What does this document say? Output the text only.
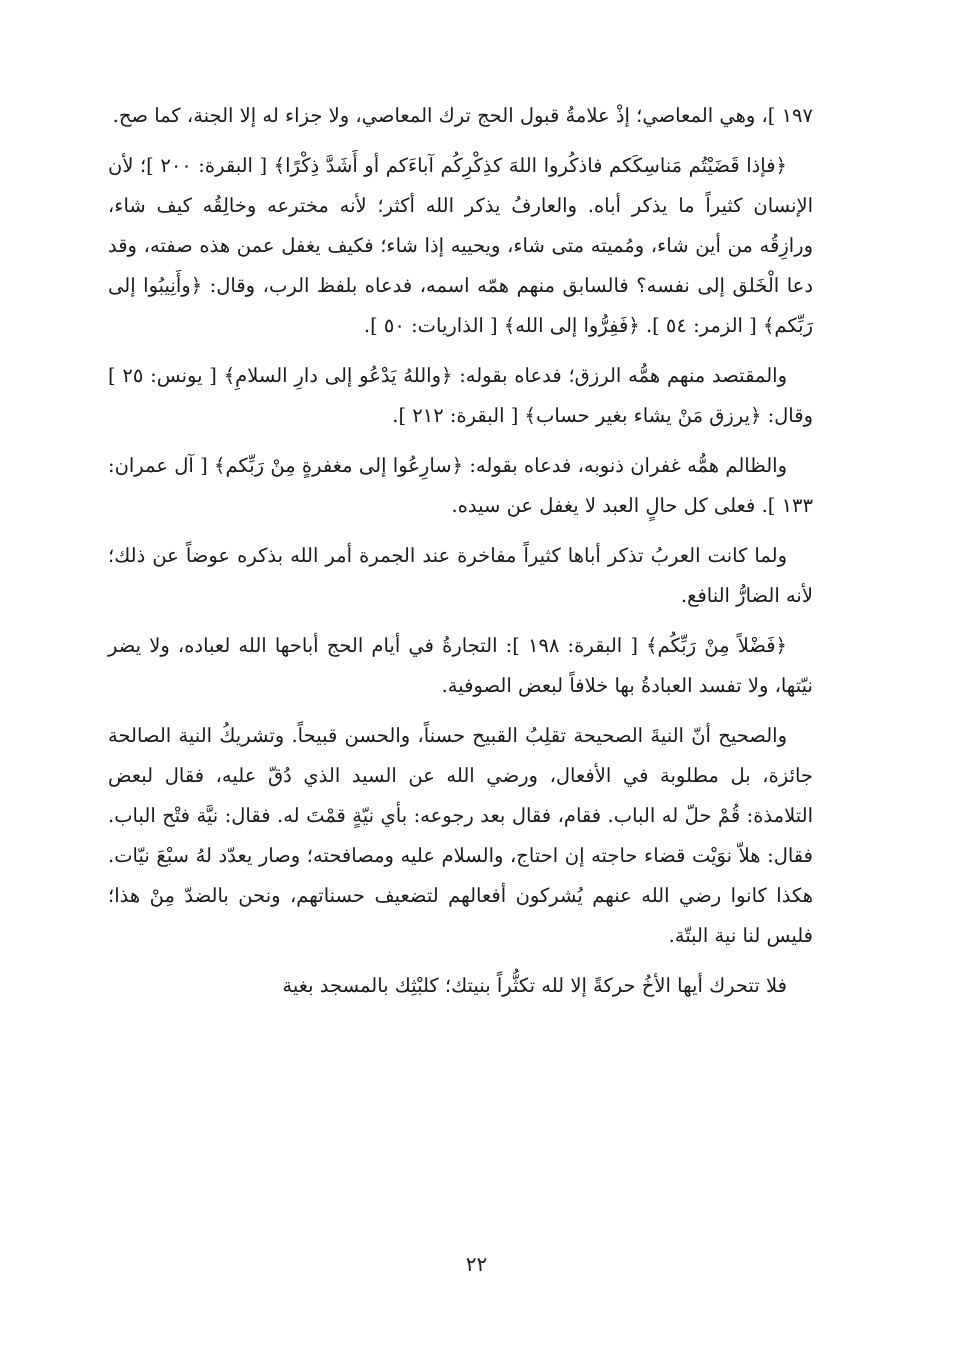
١٩٧ ]، وهي المعاصي؛ إذْ علامةُ قبول الحج ترك المعاصي، ولا جزاء له إلا الجنة، كما صح.

﴿فإذا قَضَيْتُم مَناسِكَكم فاذكُروا اللهَ كذِكْرِكُم آباءَكم أو أَشَدَّ ذِكْرًا﴾ [ البقرة: ٢٠٠ ]؛ لأن الإنسان كثيراً ما يذكر أباه. والعارفُ يذكر الله أكثر؛ لأنه مخترعه وخالِقُه كيف شاء، ورازِقُه من أين شاء، ومُميته متى شاء، ويحييه إذا شاء؛ فكيف يغفل عمن هذه صفته، وقد دعا الْخَلق إلى نفسه؟ فالسابق منهم همّه اسمه، فدعاه بلفظ الرب، وقال: ﴿وأَنِيبُوا إلى رَبِّكم﴾ [ الزمر: ٥٤ ]. ﴿فَفِرُّوا إلى الله﴾ [ الذاريات: ٥٠ ].

والمقتصد منهم همُّه الرزق؛ فدعاه بقوله: ﴿واللهُ يَدْعُو إلى دارِ السلامِ﴾ [ يونس: ٢٥ ] وقال: ﴿يرزق مَنْ يشاء بغير حساب﴾ [ البقرة: ٢١٢ ].

والظالم همُّه غفران ذنوبه، فدعاه بقوله: ﴿سارِعُوا إلى مغفرةٍ مِنْ رَبِّكم﴾ [ آل عمران: ١٣٣ ]. فعلى كل حالٍ العبد لا يغفل عن سيده.

ولما كانت العربُ تذكر أباها كثيراً مفاخرة عند الجمرة أمر الله بذكره عوضاً عن ذلك؛ لأنه الضارُّ النافع.

﴿فَضْلاً مِنْ رَبِّكُم﴾ [ البقرة: ١٩٨ ]: التجارةُ في أيام الحج أباحها الله لعباده، ولا يضر نيّتها، ولا تفسد العبادةُ بها خلافاً لبعض الصوفية.

والصحيح أنّ النيةَ الصحيحة تقلِبُ القبيح حسناً، والحسن قبيحاً. وتشريكُ النية الصالحة جائزة، بل مطلوبة في الأفعال، ورضي الله عن السيد الذي دُقّ عليه، فقال لبعض التلامذة: قُمْ حلّ له الباب. فقام، فقال بعد رجوعه: بأي نيّةٍ قمْتَ له. فقال: نيَّة فتْح الباب. فقال: هلاّ نوَيْت قضاء حاجته إن احتاج، والسلام عليه ومصافحته؛ وصار يعدّد لهُ سبْعَ نيّات. هكذا كانوا رضي الله عنهم يُشركون أفعالهم لتضعيف حسناتهم، ونحن بالضدّ مِنْ هذا؛ فليس لنا نية البتّة.

فلا تتحرك أيها الأخُ حركةً إلا لله تكثُّراً بنيتك؛ كلبْثِك بالمسجد بغية

٢٢
